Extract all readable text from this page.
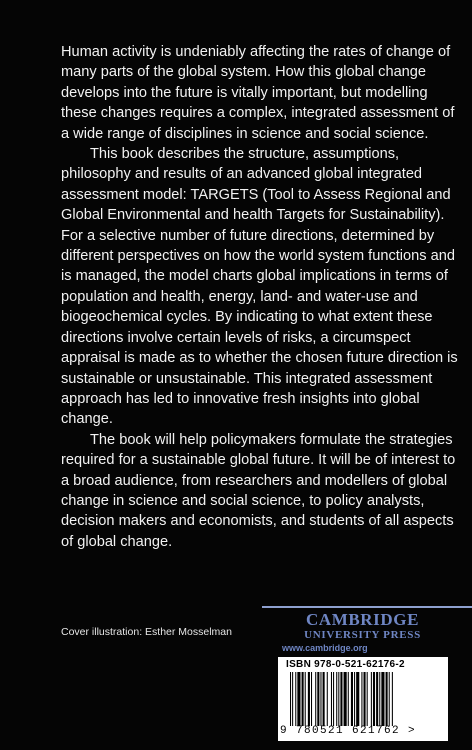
Human activity is undeniably affecting the rates of change of many parts of the global system. How this global change develops into the future is vitally important, but modelling these changes requires a complex, integrated assessment of a wide range of disciplines in science and social science.

This book describes the structure, assumptions, philosophy and results of an advanced global integrated assessment model: TARGETS (Tool to Assess Regional and Global Environmental and health Targets for Sustainability). For a selective number of future directions, determined by different perspectives on how the world system functions and is managed, the model charts global implications in terms of population and health, energy, land- and water-use and biogeochemical cycles. By indicating to what extent these directions involve certain levels of risks, a circumspect appraisal is made as to whether the chosen future direction is sustainable or unsustainable. This integrated assessment approach has led to innovative fresh insights into global change.

The book will help policymakers formulate the strategies required for a sustainable global future. It will be of interest to a broad audience, from researchers and modellers of global change in science and social science, to policy analysts, decision makers and economists, and students of all aspects of global change.

Cover illustration: Esther Mosselman
CAMBRIDGE
UNIVERSITY PRESS
www.cambridge.org
ISBN 978-0-521-62176-2
9 780521 621762 >
